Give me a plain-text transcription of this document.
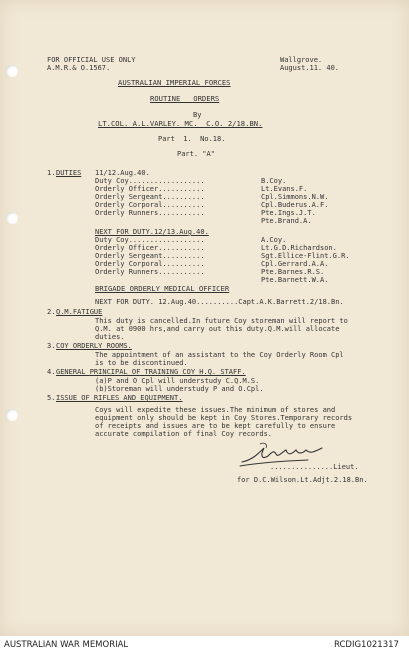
FOR OFFICIAL USE ONLY
A.M.R.& O.1567.
Wallgrove.
August.11. 40.
AUSTRALIAN IMPERIAL FORCES
ROUTINE   ORDERS
By
LT.COL. A.L.VARLEY. MC.  C.O. 2/18.BN.
Part  1.  No.18.
Part. "A"
1. DUTIES 11/12.Aug.40.
Duty Coy..................	B.Coy.
Orderly Officer...........	Lt.Evans.F.
Orderly Sergeant..........	Cpl.Simmons.N.W.
Orderly Corporal..........	Cpl.Buderus.A.F.
Orderly Runners...........	Pte.Ings.J.T.
Pte.Brand.A.
NEXT FOR DUTY.12/13.Aug.40.
Duty Coy..................	A.Coy.
Orderly Officer...........	Lt.G.D.Richardson.
Orderly Sergeant..........	Sgt.Ellice-Flint.G.R.
Orderly Corporal..........	Cpl.Gerrard.A.A.
Orderly Runners...........	Pte.Barnes.R.S.
Pte.Barnett.W.A.
BRIGADE ORDERLY MEDICAL OFFICER
NEXT FOR DUTY. 12.Aug.40..........Capt.A.K.Barrett.2/18.Bn.
2. Q.M.FATIGUE
This duty is cancelled.In future Coy storeman will report to
Q.M. at 0900 hrs,and carry out this duty.Q.M.will allocate
duties.
3. COY ORDERLY ROOMS.
The appointment of an assistant to the Coy Orderly Room Cpl
is to be discontinued.
4. GENERAL PRINCIPAL OF TRAINING COY H.Q. STAFF.
(a)P and O Cpl will understudy C.Q.M.S.
(b)Storeman will understudy P and O.Cpl.
5. ISSUE OF RIFLES AND EQUIPMENT.
Coys will expedite these issues.The minimum of stores and
equipment only should be kept in Coy Stores.Temporary records
of receipts and issues are to be kept carefully to ensure
accurate compilation of final Coy records.
...............Lieut.
for D.C.Wilson.Lt.Adjt.2.18.Bn.
AUSTRALIAN WAR MEMORIAL	RCDIG1021317
